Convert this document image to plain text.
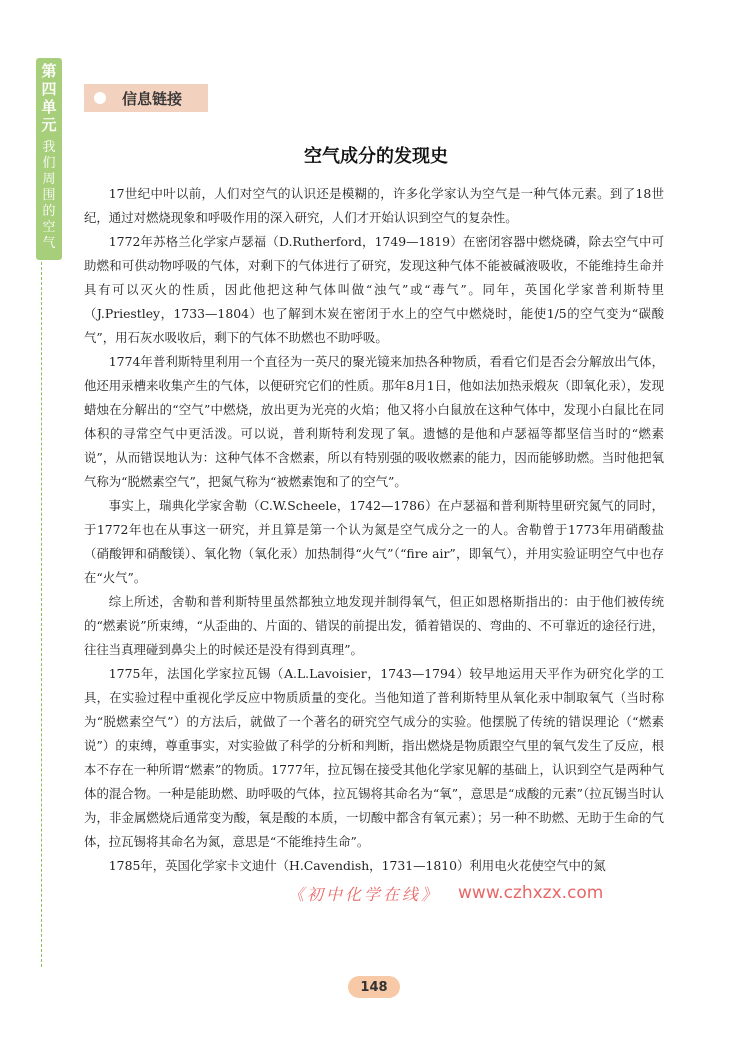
第四单元
我们周围的空气
信息链接
空气成分的发现史

17世纪中叶以前，人们对空气的认识还是模糊的，许多化学家认为空气是一种气体元素。到了18世纪，通过对燃烧现象和呼吸作用的深入研究，人们才开始认识到空气的复杂性。

1772年苏格兰化学家卢瑟福（D.Rutherford，1749—1819）在密闭容器中燃烧磷，除去空气中可助燃和可供动物呼吸的气体，对剩下的气体进行了研究，发现这种气体不能被碱液吸收，不能维持生命并具有可以灭火的性质，因此他把这种气体叫做“浊气”或“毒气”。同年，英国化学家普利斯特里（J.Priestley，1733—1804）也了解到木炭在密闭于水上的空气中燃烧时，能使1/5的空气变为“碳酸气”，用石灰水吸收后，剩下的气体不助燃也不助呼吸。

1774年普利斯特里利用一个直径为一英尺的聚光镜来加热各种物质，看看它们是否会分解放出气体，他还用汞槽来收集产生的气体，以便研究它们的性质。那年8月1日，他如法加热汞煅灰（即氧化汞），发现蜡烛在分解出的“空气”中燃烧，放出更为光亮的火焰；他又将小白鼠放在这种气体中，发现小白鼠比在同体积的寻常空气中更活泼。可以说，普利斯特利发现了氧。遗憾的是他和卢瑟福等都坚信当时的“燃素说”，从而错误地认为：这种气体不含燃素，所以有特别强的吸收燃素的能力，因而能够助燃。当时他把氧气称为“脱燃素空气”，把氮气称为“被燃素饱和了的空气”。

事实上，瑞典化学家舍勒（C.W.Scheele，1742—1786）在卢瑟福和普利斯特里研究氮气的同时，于1772年也在从事这一研究，并且算是第一个认为氮是空气成分之一的人。舍勒曾于1773年用硝酸盐（硝酸钾和硝酸镁）、氧化物（氧化汞）加热制得“火气”（“fire air”，即氧气），并用实验证明空气中也存在“火气”。

综上所述，舍勒和普利斯特里虽然都独立地发现并制得氧气，但正如恩格斯指出的：由于他们被传统的“燃素说”所束缚，“从歪曲的、片面的、错误的前提出发，循着错误的、弯曲的、不可靠近的途径行进，往往当真理碰到鼻尖上的时候还是没有得到真理”。

1775年，法国化学家拉瓦锡（A.L.Lavoisier，1743—1794）较早地运用天平作为研究化学的工具，在实验过程中重视化学反应中物质质量的变化。当他知道了普利斯特里从氧化汞中制取氧气（当时称为“脱燃素空气”）的方法后，就做了一个著名的研究空气成分的实验。他摆脱了传统的错误理论（“燃素说”）的束缚，尊重事实，对实验做了科学的分析和判断，指出燃烧是物质跟空气里的氧气发生了反应，根本不存在一种所谓“燃素”的物质。1777年，拉瓦锡在接受其他化学家见解的基础上，认识到空气是两种气体的混合物。一种是能助燃、助呼吸的气体，拉瓦锡将其命名为“氧”，意思是“成酸的元素”（拉瓦锡当时认为，非金属燃烧后通常变为酸，氧是酸的本质，一切酸中都含有氧元素）；另一种不助燃、无助于生命的气体，拉瓦锡将其命名为氮，意思是“不能维持生命”。

1785年，英国化学家卡文迪什（H.Cavendish，1731—1810）利用电火花使空气中的氮

《初中化学在线》 www.czhxzx.com
148
